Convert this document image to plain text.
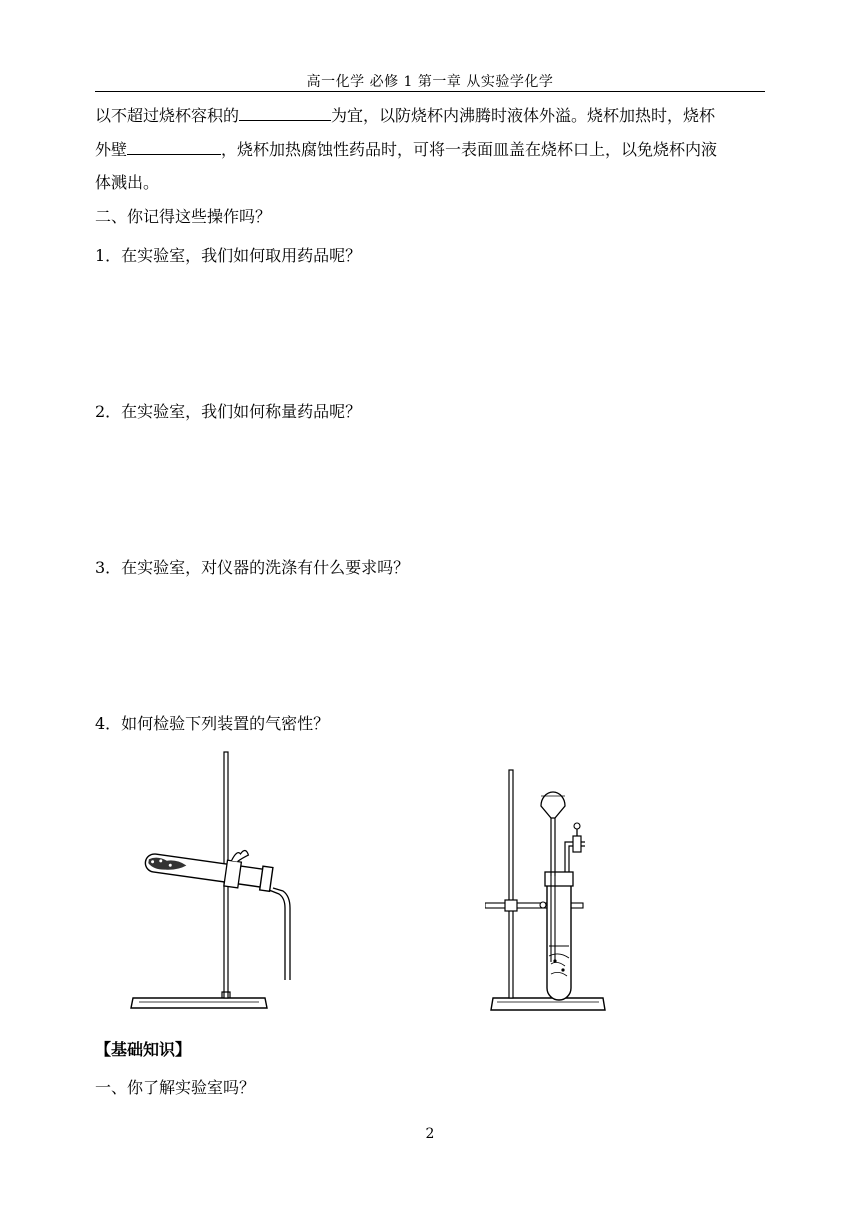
高一化学 必修 1 第一章 从实验学化学
以不超过烧杯容积的	为宜，以防烧杯内沸腾时液体外溢。烧杯加热时，烧杯
外壁	，烧杯加热腐蚀性药品时，可将一表面皿盖在烧杯口上，以免烧杯内液
体溅出。
二、你记得这些操作吗？
1．在实验室，我们如何取用药品呢？
2．在实验室，我们如何称量药品呢？
3．在实验室，对仪器的洗涤有什么要求吗？
4．如何检验下列装置的气密性？
【基础知识】
一、你了解实验室吗？
2
